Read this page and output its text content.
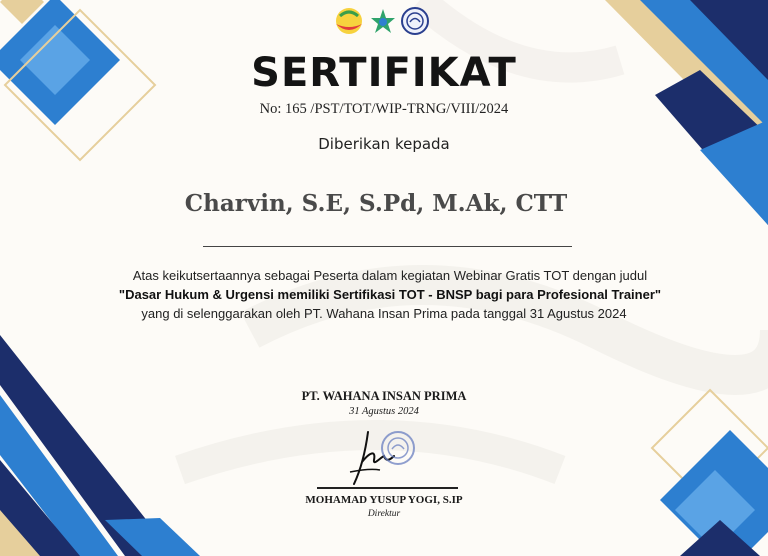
SERTIFIKAT
No: 165 /PST/TOT/WIP-TRNG/VIII/2024
Diberikan kepada
Charvin, S.E, S.Pd, M.Ak, CTT
Atas keikutsertaannya sebagai Peserta dalam kegiatan Webinar Gratis TOT dengan judul
"Dasar Hukum & Urgensi memiliki Sertifikasi TOT - BNSP bagi para Profesional Trainer"
yang di selenggarakan oleh PT. Wahana Insan Prima pada tanggal 31 Agustus 2024
PT. WAHANA INSAN PRIMA
31 Agustus 2024
MOHAMAD YUSUP YOGI, S.IP
Direktur
